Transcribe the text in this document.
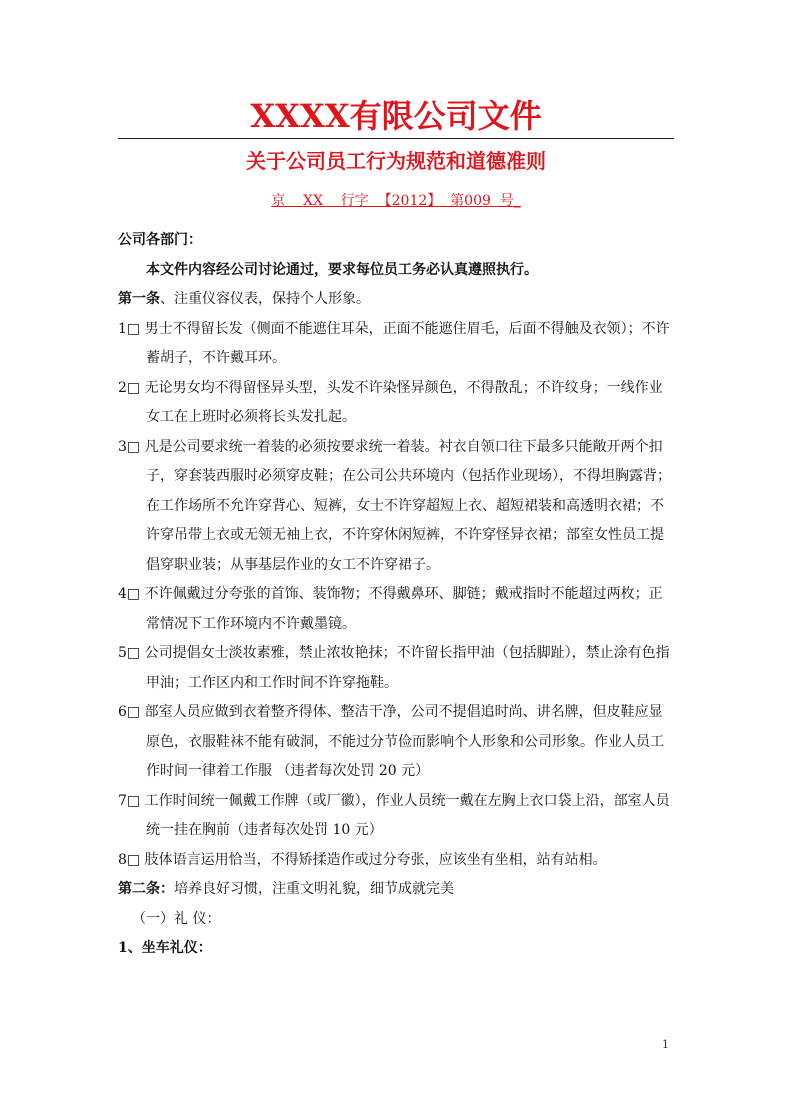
XXXX有限公司文件
关于公司员工行为规范和道德准则
京    XX    行字  【2012】  第009  号_
公司各部门：
本文件内容经公司讨论通过，要求每位员工务必认真遵照执行。
第一条、注重仪容仪表，保持个人形象。
1□ 男士不得留长发（侧面不能遮住耳朵，正面不能遮住眉毛，后面不得触及衣领）；不许
蓄胡子，不许戴耳环。
2□ 无论男女均不得留怪异头型，头发不许染怪异颜色，不得散乱；不许纹身；一线作业
女工在上班时必须将长头发扎起。
3□ 凡是公司要求统一着装的必须按要求统一着装。衬衣自领口往下最多只能敞开两个扣
子，穿套装西服时必须穿皮鞋；在公司公共环境内（包括作业现场），不得坦胸露背；
在工作场所不允许穿背心、短裤，女士不许穿超短上衣、超短裙装和高透明衣裙；不
许穿吊带上衣或无领无袖上衣，不许穿休闲短裤，不许穿怪异衣裙；部室女性员工提
倡穿职业装；从事基层作业的女工不许穿裙子。
4□ 不许佩戴过分夸张的首饰、装饰物；不得戴鼻环、脚链；戴戒指时不能超过两枚；正
常情况下工作环境内不许戴墨镜。
5□ 公司提倡女士淡妆素雅，禁止浓妆艳抹；不许留长指甲油（包括脚趾），禁止涂有色指
甲油；工作区内和工作时间不许穿拖鞋。
6□ 部室人员应做到衣着整齐得体、整洁干净，公司不提倡追时尚、讲名牌，但皮鞋应显
原色，衣服鞋袜不能有破洞，不能过分节俭而影响个人形象和公司形象。作业人员工
作时间一律着工作服 （违者每次处罚 20 元）
7□ 工作时间统一佩戴工作牌（或厂徽），作业人员统一戴在左胸上衣口袋上沿，部室人员
统一挂在胸前（违者每次处罚 10 元）
8□ 肢体语言运用恰当，不得矫揉造作或过分夸张，应该坐有坐相，站有站相。
第二条：培养良好习惯，注重文明礼貌，细节成就完美
（一）礼 仪：
1、坐车礼仪：
1
